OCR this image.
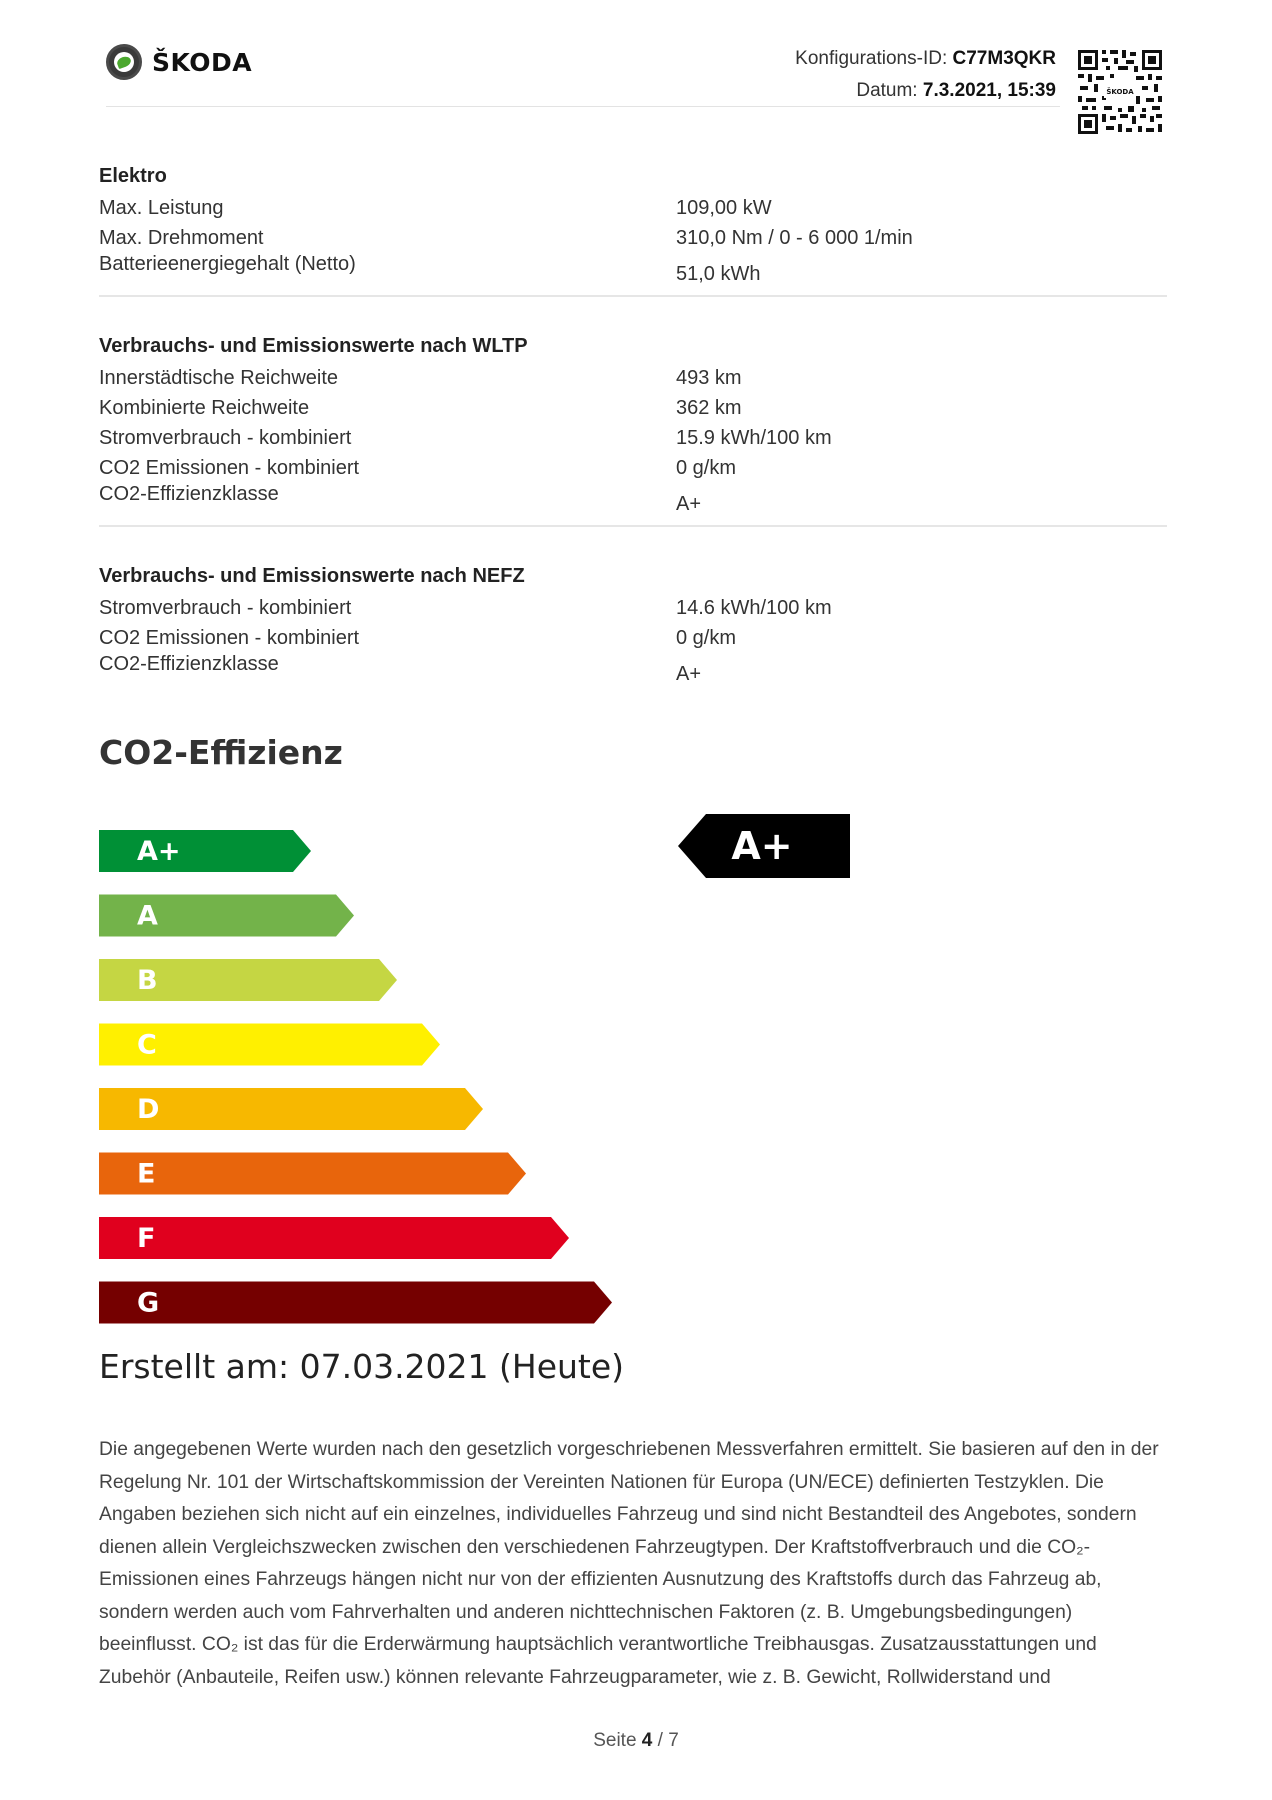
ŠKODA	Konfigurations-ID: C77M3QKR
Datum: 7.3.2021, 15:39	ŠKODA
Elektro
Max. Leistung	109,00 kW
Max. Drehmoment	310,0 Nm / 0 - 6 000 1/min
Batterieenergiegehalt (Netto)	51,0 kWh
Verbrauchs- und Emissionswerte nach WLTP
Innerstädtische Reichweite	493 km
Kombinierte Reichweite	362 km
Stromverbrauch - kombiniert	15.9 kWh/100 km
CO2 Emissionen - kombiniert	0 g/km
CO2-Effizienzklasse	A+
Verbrauchs- und Emissionswerte nach NEFZ
Stromverbrauch - kombiniert	14.6 kWh/100 km
CO2 Emissionen - kombiniert	0 g/km
CO2-Effizienzklasse	A+
CO2-Effizienz
A+
A
B
C
D
E
F
G
A+
Erstellt am: 07.03.2021 (Heute)

Die angegebenen Werte wurden nach den gesetzlich vorgeschriebenen Messverfahren ermittelt. Sie basieren auf den in der Regelung Nr. 101 der Wirtschaftskommission der Vereinten Nationen für Europa (UN/ECE) definierten Testzyklen. Die Angaben beziehen sich nicht auf ein einzelnes, individuelles Fahrzeug und sind nicht Bestandteil des Angebotes, sondern dienen allein Vergleichszwecken zwischen den verschiedenen Fahrzeugtypen. Der Kraftstoffverbrauch und die CO₂-Emissionen eines Fahrzeugs hängen nicht nur von der effizienten Ausnutzung des Kraftstoffs durch das Fahrzeug ab, sondern werden auch vom Fahrverhalten und anderen nichttechnischen Faktoren (z. B. Umgebungsbedingungen) beeinflusst. CO₂ ist das für die Erderwärmung hauptsächlich verantwortliche Treibhausgas. Zusatzausstattungen und Zubehör (Anbauteile, Reifen usw.) können relevante Fahrzeugparameter, wie z. B. Gewicht, Rollwiderstand und

Seite 4 / 7
